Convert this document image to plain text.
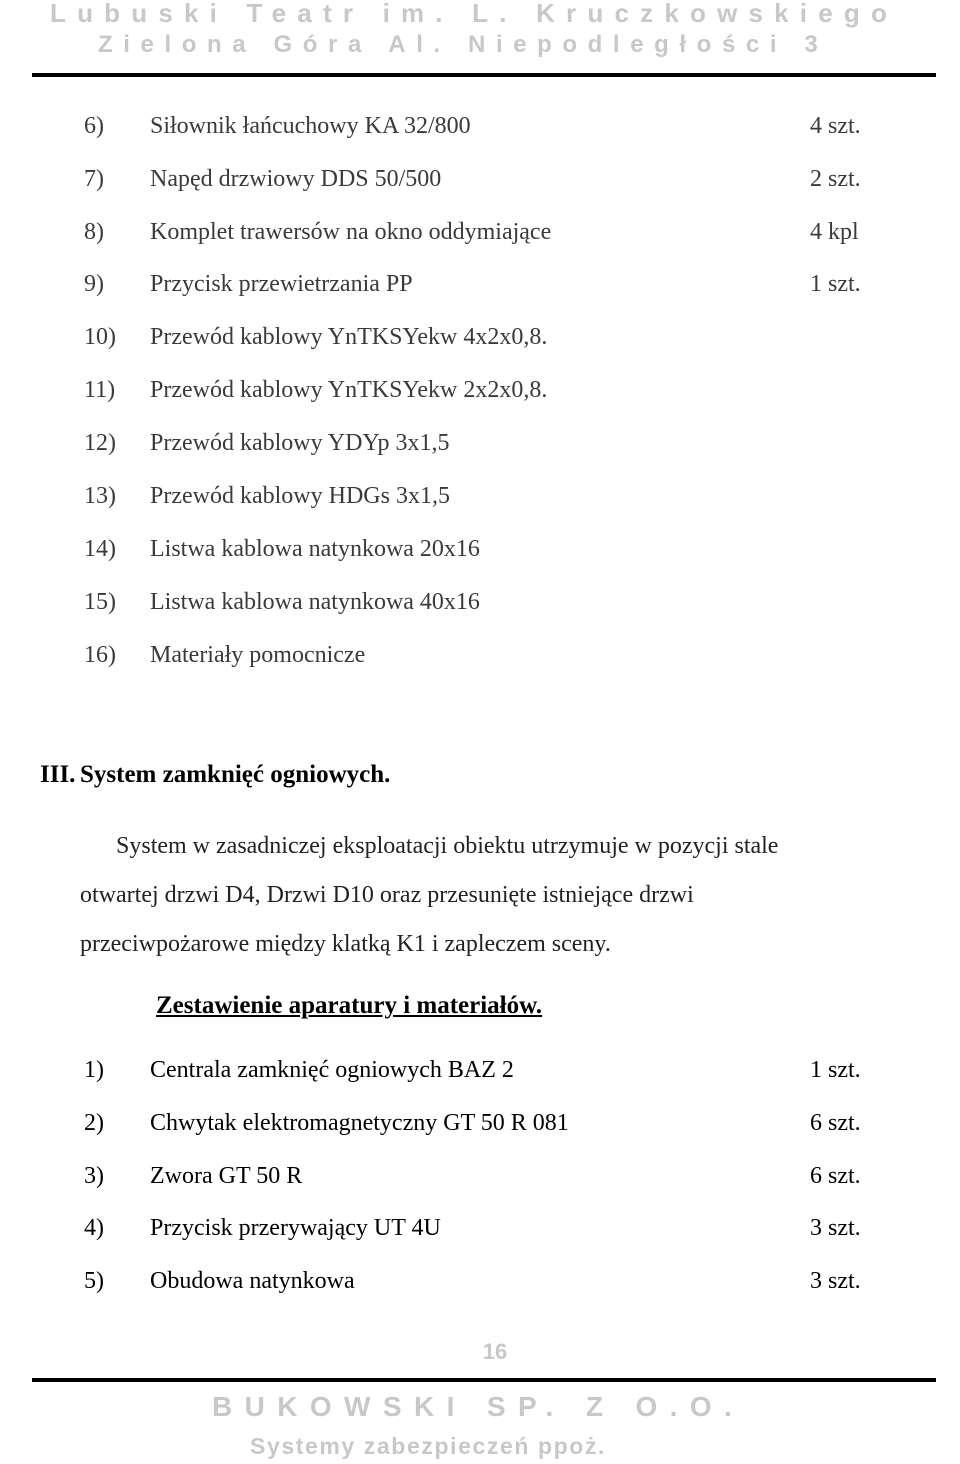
Lubuski Teatr im. L. Kruczkowskiego
Zielona Góra Al. Niepodległości 3
6) Siłownik łańcuchowy KA 32/800	4 szt.
7) Napęd drzwiowy DDS 50/500	2 szt.
8) Komplet trawersów na okno oddymiające	4 kpl
9) Przycisk przewietrzania PP	1 szt.
10) Przewód kablowy YnTKSYekw 4x2x0,8.
11) Przewód kablowy YnTKSYekw 2x2x0,8.
12) Przewód kablowy YDYp 3x1,5
13) Przewód kablowy HDGs 3x1,5
14) Listwa kablowa natynkowa 20x16
15) Listwa kablowa natynkowa 40x16
16) Materiały pomocnicze
III. System zamknięć ogniowych.
System w zasadniczej eksploatacji obiektu utrzymuje w pozycji stale
otwartej drzwi D4, Drzwi D10 oraz przesunięte istniejące drzwi
przeciwpożarowe między klatką K1 i zapleczem sceny.
Zestawienie aparatury i materiałów.
1) Centrala zamknięć ogniowych BAZ 2	1 szt.
2) Chwytak elektromagnetyczny GT 50 R 081	6 szt.
3) Zwora GT 50 R	6 szt.
4) Przycisk przerywający UT 4U	3 szt.
5) Obudowa natynkowa	3 szt.
16
BUKOWSKI SP. Z O.O.
Systemy zabezpieczeń ppoż.
